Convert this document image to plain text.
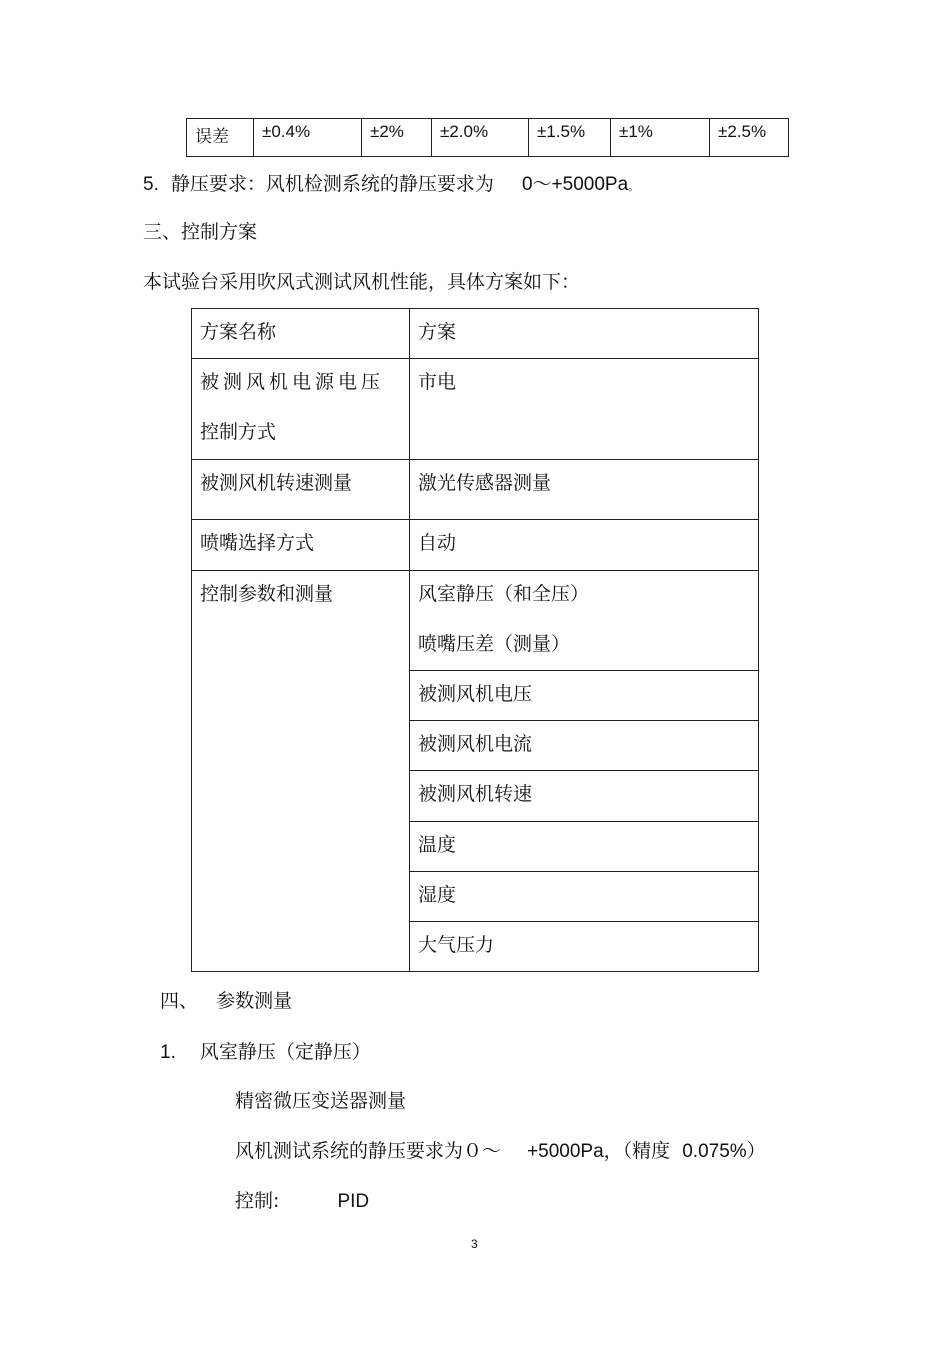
误差	±0.4%	±2%	±2.0%	±1.5%	±1%	±2.5%
5. 静压要求：风机检测系统的静压要求为 0～+5000Pa。
三、控制方案
本试验台采用吹风式测试风机性能，具体方案如下：
方案名称	方案
被测风机电源电压
控制方式	市电
被测风机转速测量	激光传感器测量
喷嘴选择方式	自动
控制参数和测量	风室静压（和全压）
喷嘴压差（测量）

	被测风机电压
	被测风机电流
	被测风机转速
	温度
	湿度
	大气压力
四、 参数测量
1. 风室静压（定静压）
精密微压变送器测量
风机测试系统的静压要求为０～ +5000Pa，（精度 0.075%）
控制:	PID
3
